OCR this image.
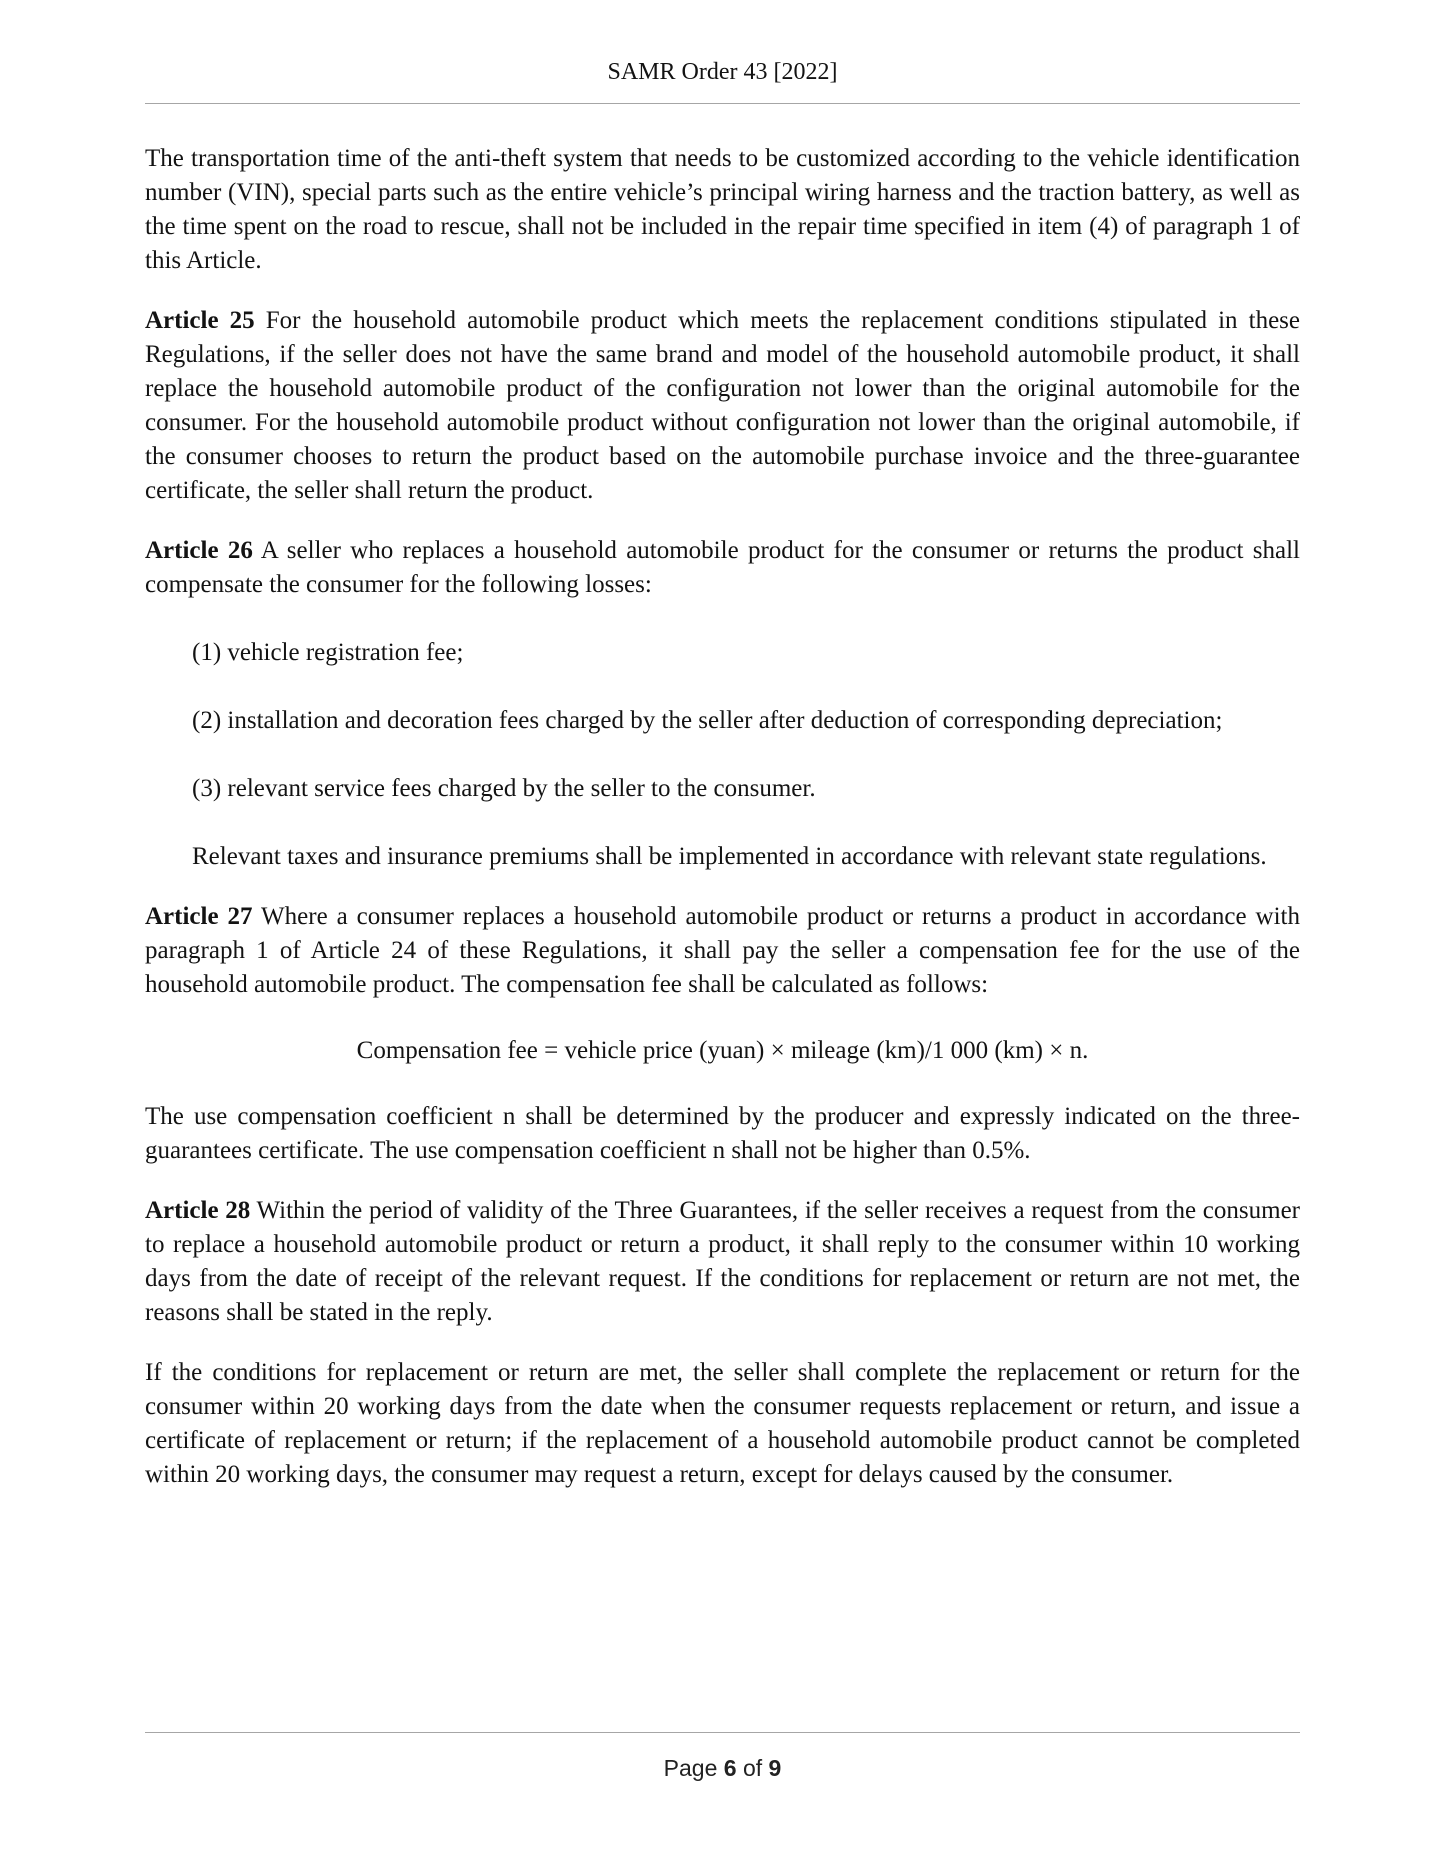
SAMR Order 43 [2022]

The transportation time of the anti-theft system that needs to be customized according to the vehicle identification number (VIN), special parts such as the entire vehicle’s principal wiring harness and the traction battery, as well as the time spent on the road to rescue, shall not be included in the repair time specified in item (4) of paragraph 1 of this Article.

Article 25 For the household automobile product which meets the replacement conditions stipulated in these Regulations, if the seller does not have the same brand and model of the household automobile product, it shall replace the household automobile product of the configuration not lower than the original automobile for the consumer. For the household automobile product without configuration not lower than the original automobile, if the consumer chooses to return the product based on the automobile purchase invoice and the three-guarantee certificate, the seller shall return the product.

Article 26 A seller who replaces a household automobile product for the consumer or returns the product shall compensate the consumer for the following losses:

(1) vehicle registration fee;

(2) installation and decoration fees charged by the seller after deduction of corresponding depreciation;

(3) relevant service fees charged by the seller to the consumer.

Relevant taxes and insurance premiums shall be implemented in accordance with relevant state regulations.

Article 27 Where a consumer replaces a household automobile product or returns a product in accordance with paragraph 1 of Article 24 of these Regulations, it shall pay the seller a compensation fee for the use of the household automobile product. The compensation fee shall be calculated as follows:

Compensation fee = vehicle price (yuan) × mileage (km)/1 000 (km) × n.

The use compensation coefficient n shall be determined by the producer and expressly indicated on the three-guarantees certificate. The use compensation coefficient n shall not be higher than 0.5%.

Article 28 Within the period of validity of the Three Guarantees, if the seller receives a request from the consumer to replace a household automobile product or return a product, it shall reply to the consumer within 10 working days from the date of receipt of the relevant request. If the conditions for replacement or return are not met, the reasons shall be stated in the reply.

If the conditions for replacement or return are met, the seller shall complete the replacement or return for the consumer within 20 working days from the date when the consumer requests replacement or return, and issue a certificate of replacement or return; if the replacement of a household automobile product cannot be completed within 20 working days, the consumer may request a return, except for delays caused by the consumer.

Page 6 of 9
